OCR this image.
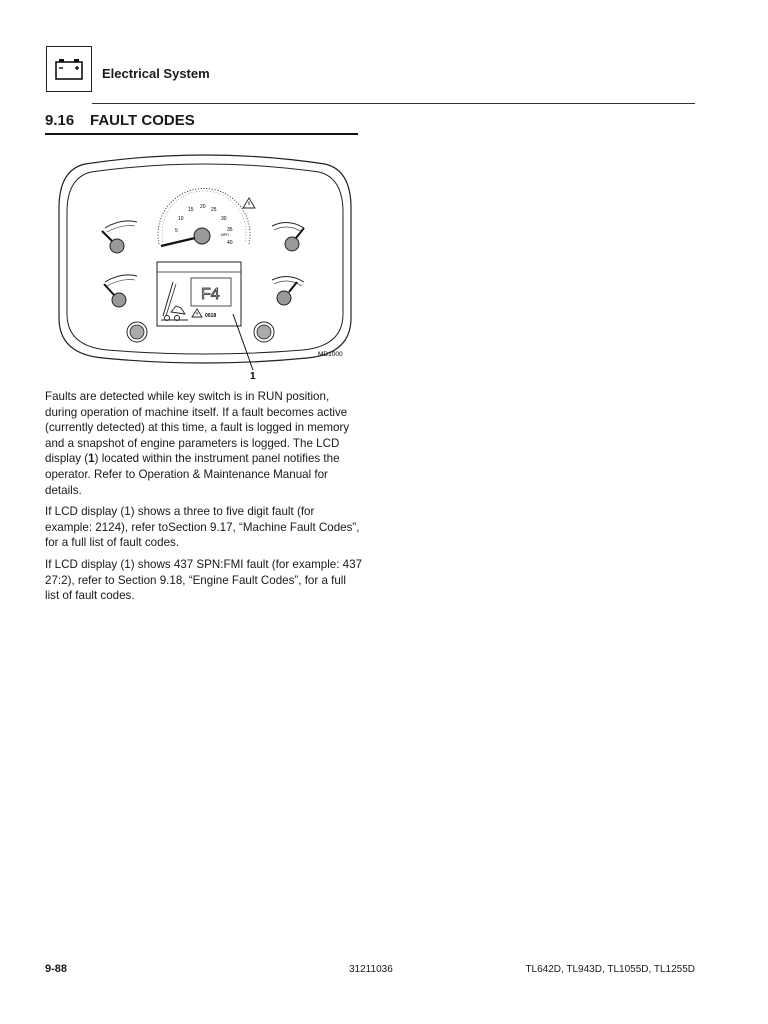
Electrical System
9.16 FAULT CODES
5
10
15 20 25
30
35
40
MPH
F4
0018
1
MD1000

Faults are detected while key switch is in RUN position, during operation of machine itself. If a fault becomes active (currently detected) at this time, a fault is logged in memory and a snapshot of engine parameters is logged. The LCD display (1) located within the instrument panel notifies the operator. Refer to Operation & Maintenance Manual for details.

If LCD display (1) shows a three to five digit fault (for example: 2124), refer toSection 9.17, “Machine Fault Codes”, for a full list of fault codes.

If LCD display (1) shows 437 SPN:FMI fault (for example: 437 27:2), refer to Section 9.18, “Engine Fault Codes”, for a full list of fault codes.

9-88	31211036	TL642D, TL943D, TL1055D, TL1255D
